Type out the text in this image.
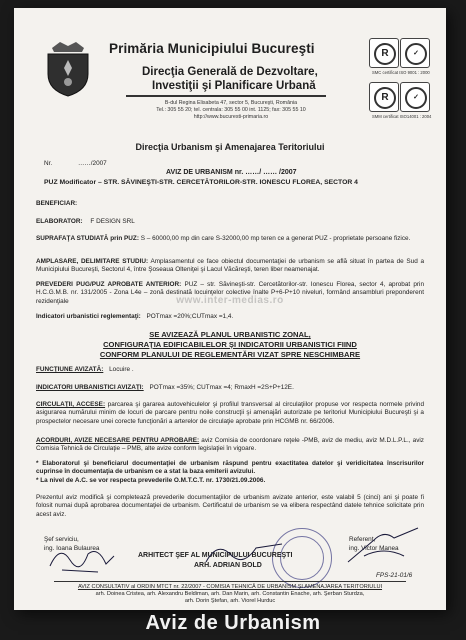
Primăria Municipiului Bucureşti
Direcţia Generală de Dezvoltare,
Investiţii şi Planificare Urbană
B-dul Regina Elisabeta 47, sector 5, Bucureşti, România
Tel.: 305 55 20; tel. centrala: 305 55 00 int. 1125; fax: 305 55 10
http://www.bucuresti-primaria.ro
R	✓
SMC certificat ISO 9001 : 2000
R	✓
SMM certificat ISO14001 : 2004
Direcţia Urbanism şi Amenajarea Teritoriului
Nr.	……/2007
AVIZ DE URBANISM nr. ……/ …… /2007
PUZ Modificator – STR. SĂVINEŞTI-STR. CERCETĂTORILOR-STR. IONESCU FLOREA, SECTOR 4
BENEFICIAR:
ELABORATOR: F DESIGN SRL
SUPRAFAŢA STUDIATĂ prin PUZ: S – 60000,00 mp din care S-32000,00 mp teren ce a generat PUZ - proprietate persoane fizice.
AMPLASARE, DELIMITARE STUDIU: Amplasamentul ce face obiectul documentaţiei de urbanism se află situat în partea de Sud a Municipiului Bucureşti, Sectorul 4, între Şoseaua Olteniţei şi Lacul Văcăreşti, teren liber neamenajat.
PREVEDERI PUG/PUZ APROBATE ANTERIOR: PUZ – str. Săvineşti-str. Cercetătorilor-str. Ionescu Florea, sector 4, aprobat prin H.C.G.M.B. nr. 131/2005 - Zona L4e – zonă destinată locuinţelor colective înalte P+6-P+10 niveluri, formând ansambluri preponderent rezidenţiale	www.inter-medias.ro
Indicatori urbanistici reglementaţi: POTmax =20%;CUTmax =1,4.
SE AVIZEAZĂ PLANUL URBANISTIC ZONAL,
CONFIGURAŢIA EDIFICABILELOR ŞI INDICATORII URBANISTICI FIIND
CONFORM PLANULUI DE REGLEMENTĂRI VIZAT SPRE NESCHIMBARE
FUNCŢIUNE AVIZATĂ: Locuire .
INDICATORI URBANISTICI AVIZAŢI: POTmax =35%; CUTmax =4; RmaxH =2S+P+12E.
CIRCULAŢII, ACCESE: parcarea şi gararea autovehiculelor şi profilul transversal al circulaţiilor propuse vor respecta normele privind asigurarea numărului minim de locuri de parcare pentru noile construcţii şi amenajări autorizate pe teritoriul Municipiului Bucureşti şi a prospectelor necesare unei corecte funcţionări a arterelor de circulaţie aprobate prin HCGMB nr. 66/2006.
ACORDURI, AVIZE NECESARE PENTRU APROBARE: aviz Comisia de coordonare reţele -PMB, aviz de mediu, aviz M.D.L.P.L., aviz Comisia Tehnică de Circulaţie – PMB, alte avize conform legislaţiei în vigoare.
* Elaboratorul şi beneficiarul documentaţiei de urbanism răspund pentru exactitatea datelor şi veridicitatea înscrisurilor cuprinse în documentaţia de urbanism ce a stat la baza emiterii avizului.
* La nivel de A.C. se vor respecta prevederile O.M.T.C.T. nr. 1730/21.09.2006.
Prezentul aviz modifică şi completează prevederile documentaţiilor de urbanism avizate anterior, este valabil 5 (cinci) ani şi poate fi folosit numai după aprobarea documentaţiei de urbanism. Certificatul de urbanism se va elibera respectând datele tehnice solicitate prin acest aviz.
Şef serviciu,
ing. Ioana Bulaurea
Referent,
ing. Victor Manea
ARHITECT ŞEF AL MUNICIPIULUI BUCUREŞTI
ARH. ADRIAN BOLD
FPS-21-01/6
AVIZ CONSULTATIV al ORDIN MTCT nr. 22/2007 - COMISIA TEHNICĂ DE URBANISM ŞI AMENAJAREA TERITORIULUI
arh. Doinea Cristea, arh. Alexandru Beldiman, arh. Dan Marin, arh. Constantin Enache, arh. Şerban Sturdza,
arh. Dorin Ştefan, arh. Viorel Hurduc
Aviz de Urbanism
